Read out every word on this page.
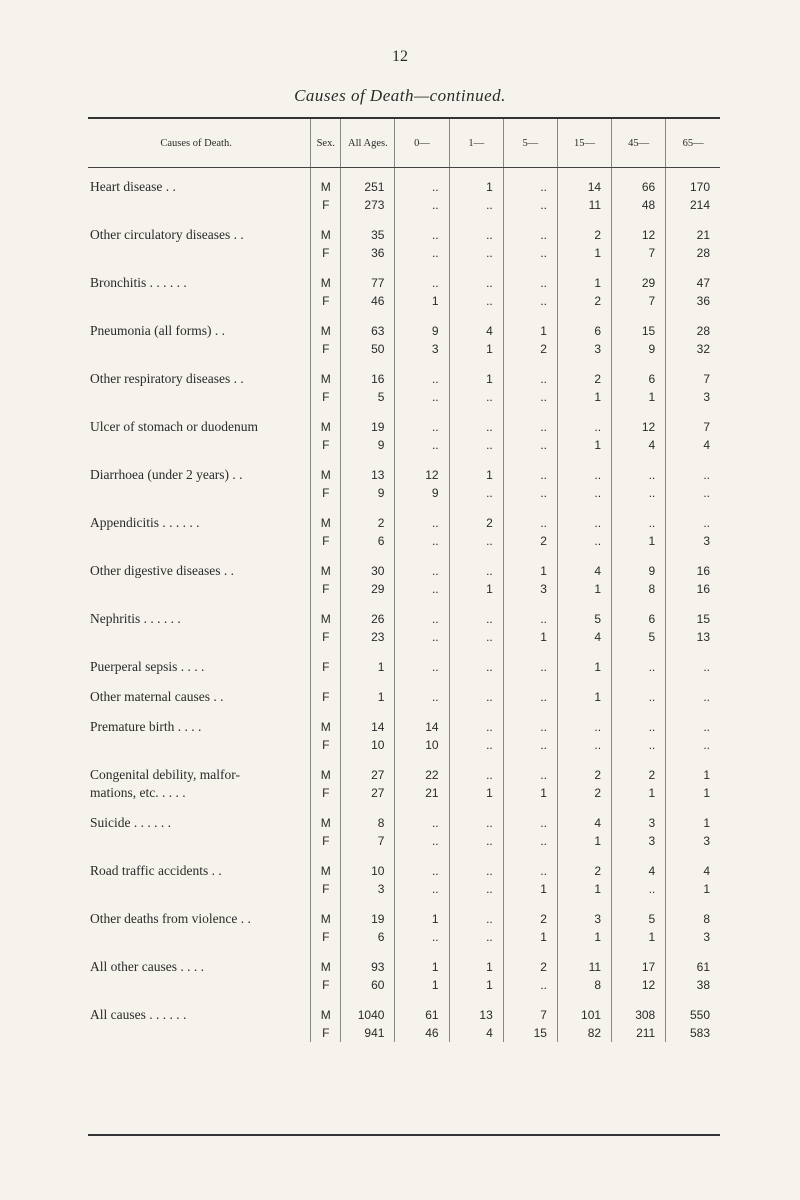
12
Causes of Death—continued.
Causes of Death.	Sex.	All Ages.	0—	1—	5—	15—	45—	65—

Heart disease . .	M	251	..	1	..	14	66	170
	F	273	..	..	..	11	48	214

Other circulatory diseases . .	M	35	..	..	..	2	12	21
	F	36	..	..	..	1	7	28

Bronchitis . . . . . .	M	77	..	..	..	1	29	47
	F	46	1	..	..	2	7	36

Pneumonia (all forms) . .	M	63	9	4	1	6	15	28
	F	50	3	1	2	3	9	32

Other respiratory diseases . .	M	16	..	1	..	2	6	7
	F	5	..	..	..	1	1	3

Ulcer of stomach or duodenum	M	19	..	..	..	..	12	7
	F	9	..	..	..	1	4	4

Diarrhoea (under 2 years) . .	M	13	12	1	..	..	..	..
	F	9	9	..	..	..	..	..

Appendicitis . . . . . .	M	2	..	2	..	..	..	..
	F	6	..	..	2	..	1	3

Other digestive diseases . .	M	30	..	..	1	4	9	16
	F	29	..	1	3	1	8	16

Nephritis . . . . . .	M	26	..	..	..	5	6	15
	F	23	..	..	1	4	5	13

Puerperal sepsis . . . .	F	1	..	..	..	1	..	..

Other maternal causes . .	F	1	..	..	..	1	..	..

Premature birth . . . .	M	14	14	..	..	..	..	..
	F	10	10	..	..	..	..	..

Congenital debility, malfor-	M	27	22	..	..	2	2	1
mations, etc. . . . .	F	27	21	1	1	2	1	1

Suicide . . . . . .	M	8	..	..	..	4	3	1
	F	7	..	..	..	1	3	3

Road traffic accidents . .	M	10	..	..	..	2	4	4
	F	3	..	..	1	1	..	1

Other deaths from violence . .	M	19	1	..	2	3	5	8
	F	6	..	..	1	1	1	3

All other causes . . . .	M	93	1	1	2	11	17	61
	F	60	1	1	..	8	12	38

All causes . . . . . .	M	1040	61	13	7	101	308	550
	F	941	46	4	15	82	211	583
